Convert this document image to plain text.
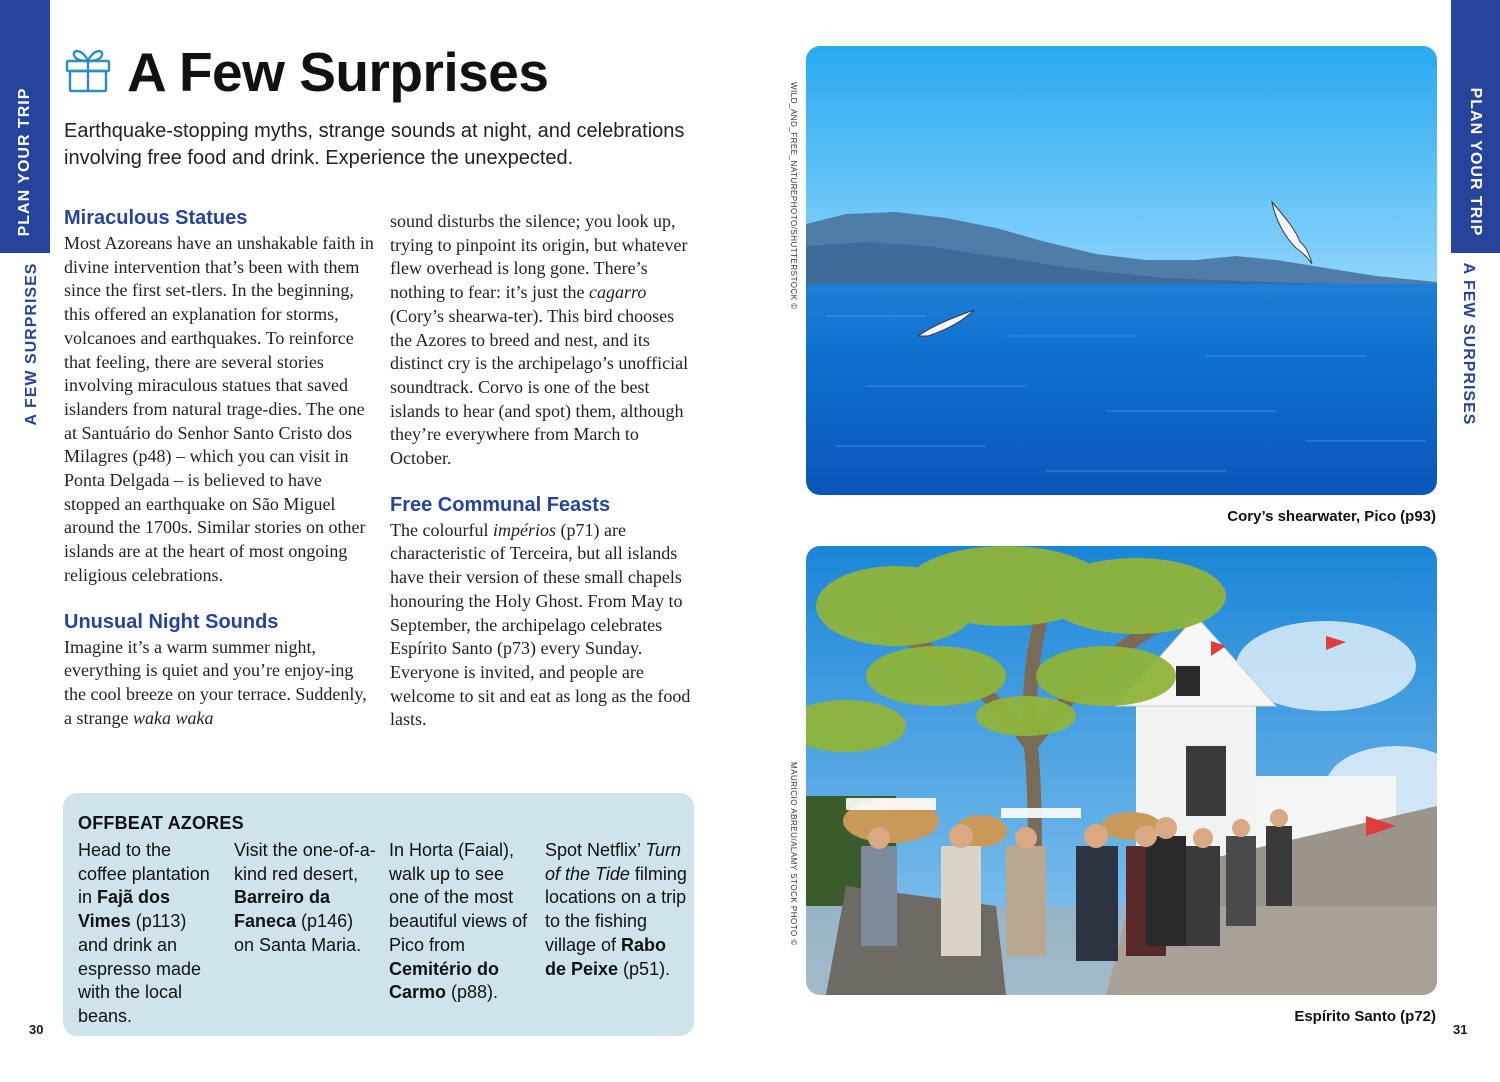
PLAN YOUR TRIP
A FEW SURPRISES
30
PLAN YOUR TRIP
A FEW SURPRISES
31
A Few Surprises
Earthquake-stopping myths, strange sounds at night, and celebrations involving free food and drink. Experience the unexpected.
Miraculous Statues

Most Azoreans have an unshakable faith in divine intervention that’s been with them since the first set-tlers. In the beginning, this offered an explanation for storms, volcanoes and earthquakes. To reinforce that feeling, there are several stories involving miraculous statues that saved islanders from natural trage-dies. The one at Santuário do Senhor Santo Cristo dos Milagres (p48) – which you can visit in Ponta Delgada – is believed to have stopped an earthquake on São Miguel around the 1700s. Similar stories on other islands are at the heart of most ongoing religious celebrations.

Unusual Night Sounds

Imagine it’s a warm summer night, everything is quiet and you’re enjoy-ing the cool breeze on your terrace. Suddenly, a strange waka waka

sound disturbs the silence; you look up, trying to pinpoint its origin, but whatever flew overhead is long gone. There’s nothing to fear: it’s just the cagarro (Cory’s shearwa-ter). This bird chooses the Azores to breed and nest, and its distinct cry is the archipelago’s unofficial soundtrack. Corvo is one of the best islands to hear (and spot) them, although they’re everywhere from March to October.

Free Communal Feasts

The colourful impérios (p71) are characteristic of Terceira, but all islands have their version of these small chapels honouring the Holy Ghost. From May to September, the archipelago celebrates Espírito Santo (p73) every Sunday. Everyone is invited, and people are welcome to sit and eat as long as the food lasts.

OFFBEAT AZORES
Head to the coffee plantation in Fajã dos Vimes (p113) and drink an espresso made with the local beans.
Visit the one-of-a-kind red desert, Barreiro da Faneca (p146) on Santa Maria.
In Horta (Faial), walk up to see one of the most beautiful views of Pico from Cemitério do Carmo (p88).
Spot Netflix’ Turn of the Tide filming locations on a trip to the fishing village of Rabo de Peixe (p51).
WILD_AND_FREE_NATUREPHOTO/SHUTTERSTOCK ©
Cory’s shearwater, Pico (p93)
MAURICIO ABREU/ALAMY STOCK PHOTO ©
Espírito Santo (p72)
